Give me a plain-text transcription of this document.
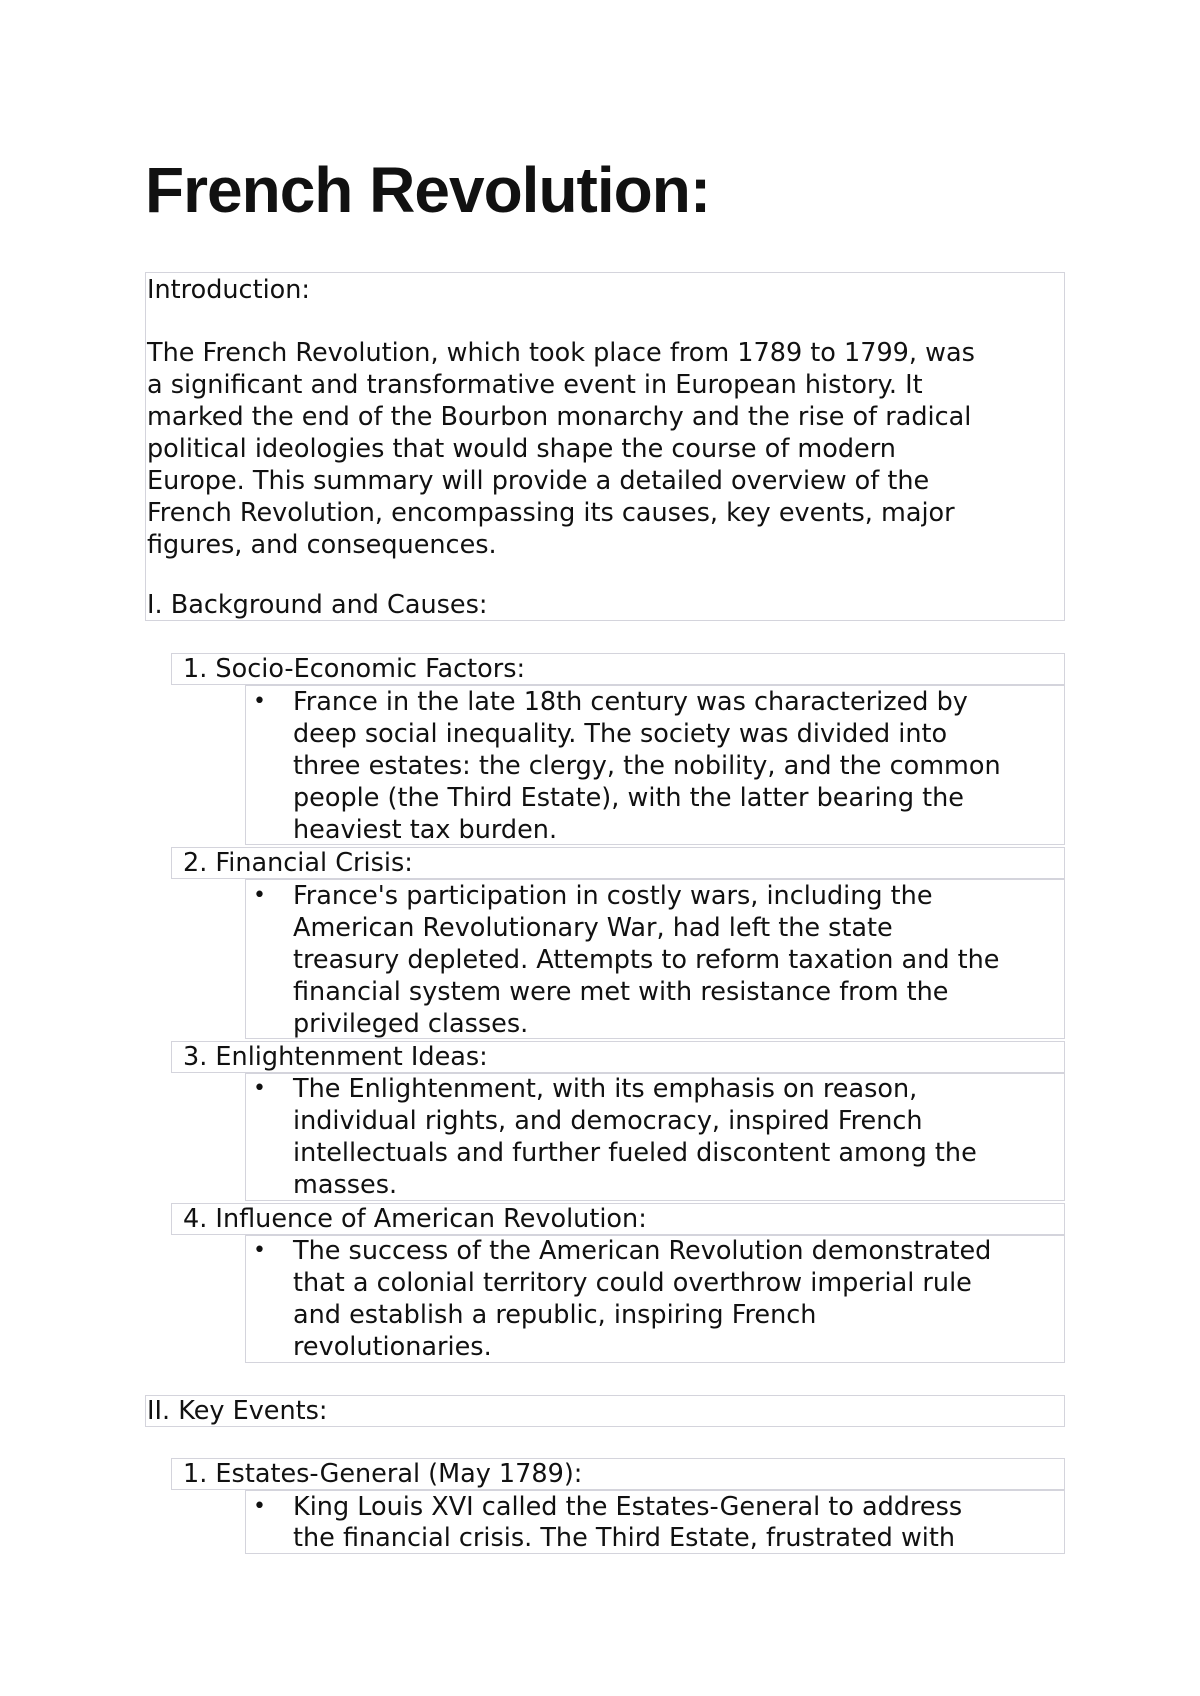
French Revolution:

Introduction:

The French Revolution, which took place from 1789 to 1799, was

a significant and transformative event in European history. It

marked the end of the Bourbon monarchy and the rise of radical

political ideologies that would shape the course of modern

Europe. This summary will provide a detailed overview of the

French Revolution, encompassing its causes, key events, major

figures, and consequences.

I. Background and Causes:

1. Socio-Economic Factors:

• France in the late 18th century was characterized by

deep social inequality. The society was divided into

three estates: the clergy, the nobility, and the common

people (the Third Estate), with the latter bearing the

heaviest tax burden.

2. Financial Crisis:

• France's participation in costly wars, including the

American Revolutionary War, had left the state

treasury depleted. Attempts to reform taxation and the

financial system were met with resistance from the

privileged classes.

3. Enlightenment Ideas:

• The Enlightenment, with its emphasis on reason,

individual rights, and democracy, inspired French

intellectuals and further fueled discontent among the

masses.

4. Influence of American Revolution:

• The success of the American Revolution demonstrated

that a colonial territory could overthrow imperial rule

and establish a republic, inspiring French

revolutionaries.

II. Key Events:

1. Estates-General (May 1789):

• King Louis XVI called the Estates-General to address

the financial crisis. The Third Estate, frustrated with
